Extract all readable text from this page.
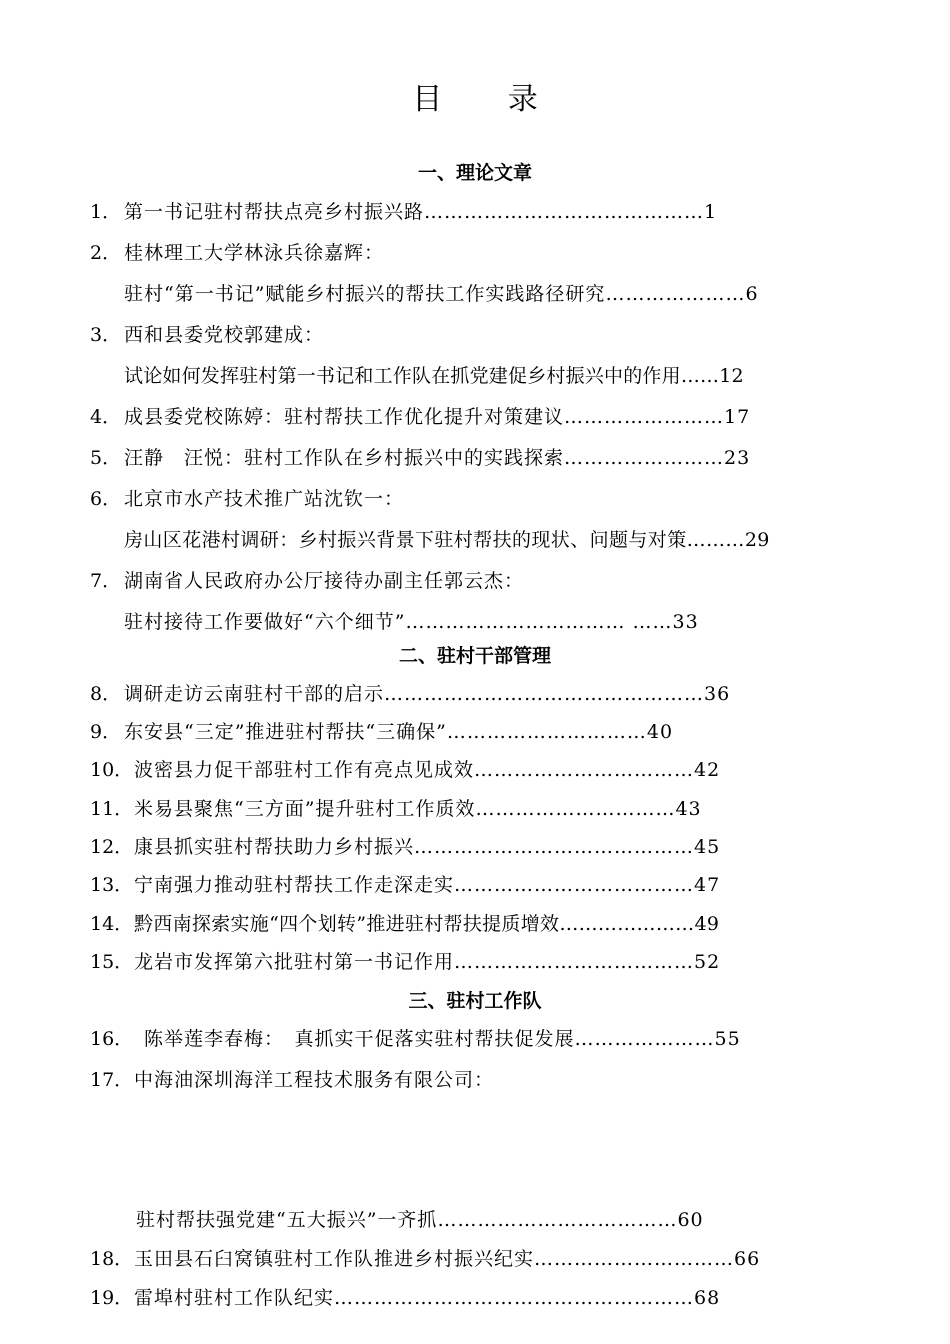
目 录
一、理论文章
1． 第一书记驻村帮扶点亮乡村振兴路……………………………………1
2． 桂林理工大学林泳兵徐嘉辉：
驻村“第一书记”赋能乡村振兴的帮扶工作实践路径研究…………………6
3． 西和县委党校郭建成：
试论如何发挥驻村第一书记和工作队在抓党建促乡村振兴中的作用……12
4． 成县委党校陈婷：驻村帮扶工作优化提升对策建议……………………17
5． 汪静　汪悦：驻村工作队在乡村振兴中的实践探索……………………23
6． 北京市水产技术推广站沈钦一：
房山区花港村调研：乡村振兴背景下驻村帮扶的现状、问题与对策………29
7． 湖南省人民政府办公厅接待办副主任郭云杰：
驻村接待工作要做好“六个细节”…………………………… ……33
二、驻村干部管理
8． 调研走访云南驻村干部的启示…………………………………………36
9． 东安县“三定”推进驻村帮扶“三确保”…………………………40
10．波密县力促干部驻村工作有亮点见成效……………………………42
11．米易县聚焦“三方面”提升驻村工作质效…………………………43
12．康县抓实驻村帮扶助力乡村振兴……………………………………45
13．宁南强力推动驻村帮扶工作走深走实………………………………47
14．黔西南探索实施“四个划转”推进驻村帮扶提质增效…………………49
15．龙岩市发挥第六批驻村第一书记作用………………………………52
三、驻村工作队
16． 陈举莲李春梅：　真抓实干促落实驻村帮扶促发展…………………55
17．中海油深圳海洋工程技术服务有限公司：
驻村帮扶强党建“五大振兴”一齐抓………………………………60
18．玉田县石臼窝镇驻村工作队推进乡村振兴纪实…………………………66
19．雷埠村驻村工作队纪实………………………………………………68
